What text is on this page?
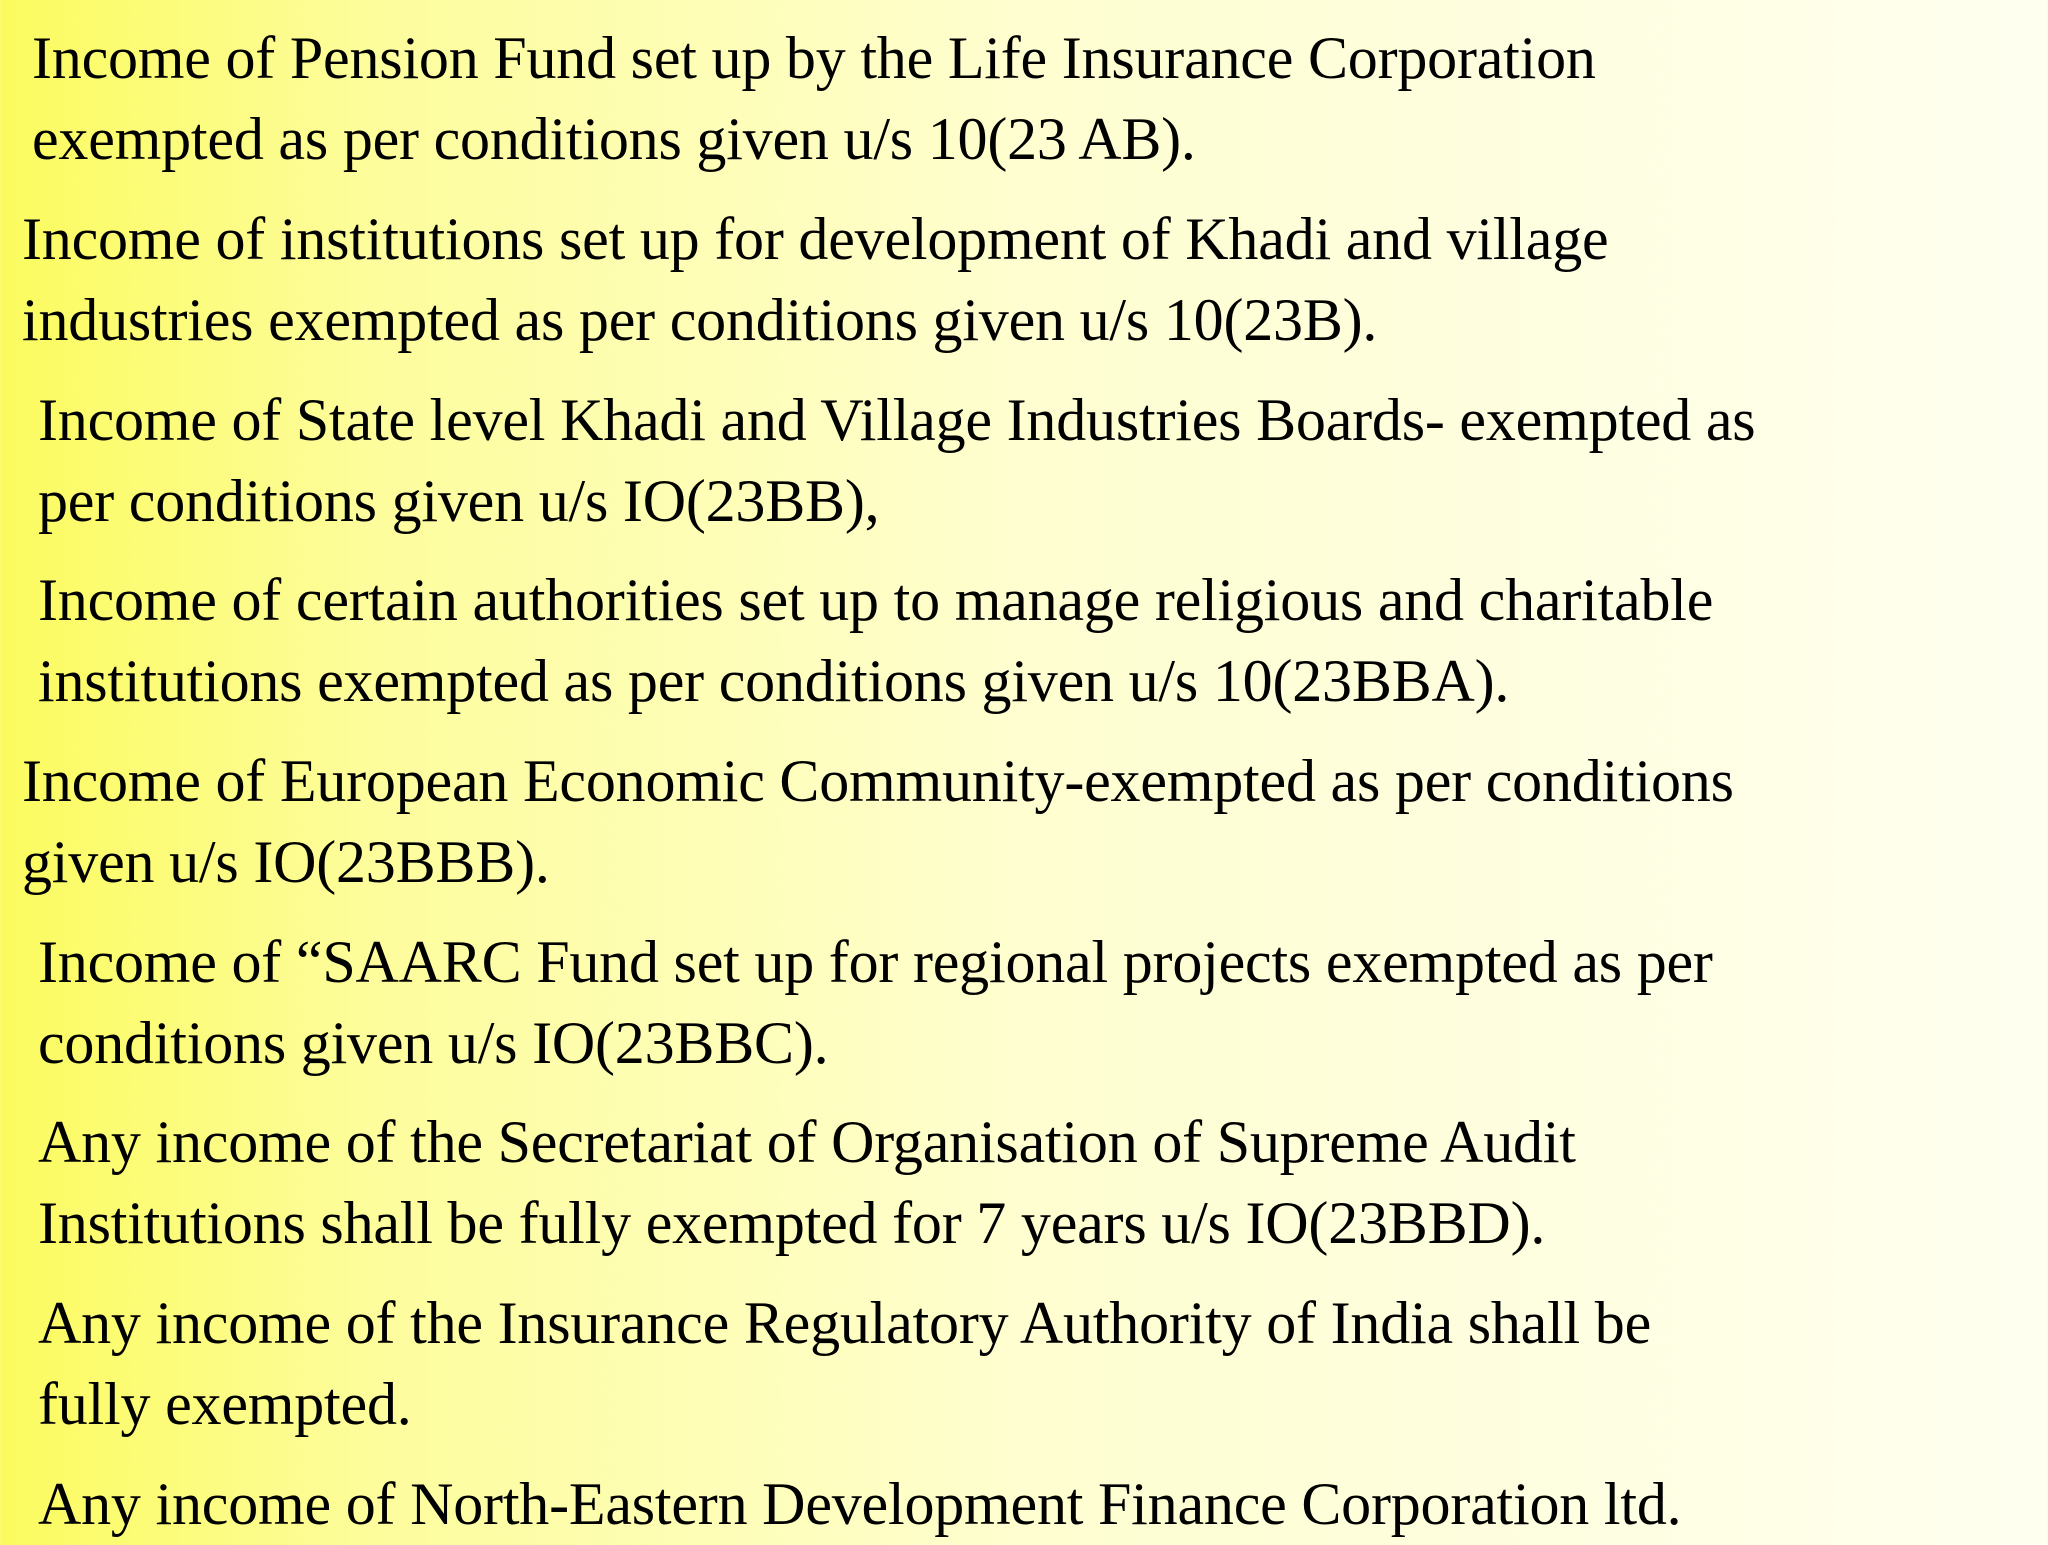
Income of Pension Fund set up by the Life Insurance Corporation
exempted as per conditions given u/s 10(23 AB).

Income of institutions set up for development of Khadi and village
industries exempted as per conditions given u/s 10(23B).

Income of State level Khadi and Village Industries Boards- exempted as
per conditions given u/s IO(23BB),

Income of certain authorities set up to manage religious and charitable
institutions exempted as per conditions given u/s 10(23BBA).

Income of European Economic Community-exempted as per conditions
given u/s IO(23BBB).

Income of “SAARC Fund set up for regional projects exempted as per
conditions given u/s IO(23BBC).

Any income of the Secretariat of Organisation of Supreme Audit
Institutions shall be fully exempted for 7 years u/s IO(23BBD).

Any income of the Insurance Regulatory Authority of India shall be
fully exempted.

Any income of North-Eastern Development Finance Corporation ltd.
